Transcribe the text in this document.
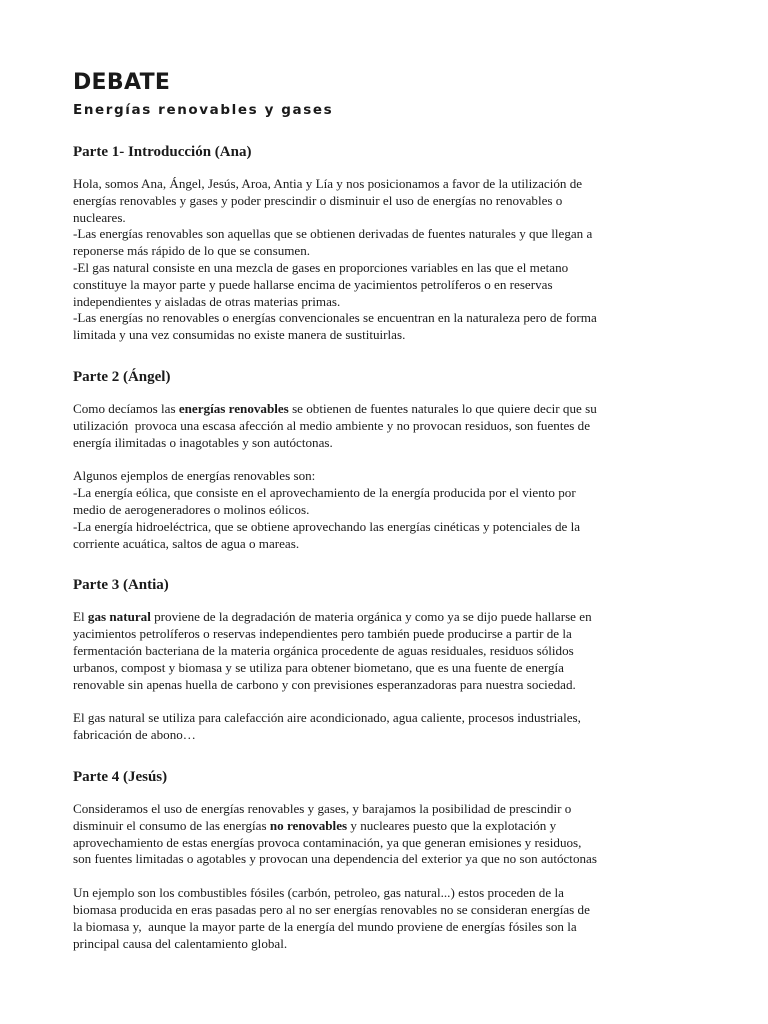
DEBATE
Energías renovables y gases
Parte 1- Introducción (Ana)
Hola, somos Ana, Ángel, Jesús, Aroa, Antia y Lía y nos posicionamos a favor de la utilización de
energías renovables y gases y poder prescindir o disminuir el uso de energías no renovables o
nucleares.
-Las energías renovables son aquellas que se obtienen derivadas de fuentes naturales y que llegan a
reponerse más rápido de lo que se consumen.
-El gas natural consiste en una mezcla de gases en proporciones variables en las que el metano
constituye la mayor parte y puede hallarse encima de yacimientos petrolíferos o en reservas
independientes y aisladas de otras materias primas.
-Las energías no renovables o energías convencionales se encuentran en la naturaleza pero de forma
limitada y una vez consumidas no existe manera de sustituirlas.
Parte 2 (Ángel)
Como decíamos las energías renovables se obtienen de fuentes naturales lo que quiere decir que su
utilización  provoca una escasa afección al medio ambiente y no provocan residuos, son fuentes de
energía ilimitadas o inagotables y son autóctonas.
Algunos ejemplos de energías renovables son:
-La energía eólica, que consiste en el aprovechamiento de la energía producida por el viento por
medio de aerogeneradores o molinos eólicos.
-La energía hidroeléctrica, que se obtiene aprovechando las energías cinéticas y potenciales de la
corriente acuática, saltos de agua o mareas.
Parte 3 (Antia)
El gas natural proviene de la degradación de materia orgánica y como ya se dijo puede hallarse en
yacimientos petrolíferos o reservas independientes pero también puede producirse a partir de la
fermentación bacteriana de la materia orgánica procedente de aguas residuales, residuos sólidos
urbanos, compost y biomasa y se utiliza para obtener biometano, que es una fuente de energía
renovable sin apenas huella de carbono y con previsiones esperanzadoras para nuestra sociedad.
El gas natural se utiliza para calefacción aire acondicionado, agua caliente, procesos industriales,
fabricación de abono…
Parte 4 (Jesús)
Consideramos el uso de energías renovables y gases, y barajamos la posibilidad de prescindir o
disminuir el consumo de las energías no renovables y nucleares puesto que la explotación y
aprovechamiento de estas energías provoca contaminación, ya que generan emisiones y residuos,
son fuentes limitadas o agotables y provocan una dependencia del exterior ya que no son autóctonas
Un ejemplo son los combustibles fósiles (carbón, petroleo, gas natural...) estos proceden de la
biomasa producida en eras pasadas pero al no ser energías renovables no se consideran energías de
la biomasa y,  aunque la mayor parte de la energía del mundo proviene de energías fósiles son la
principal causa del calentamiento global.
